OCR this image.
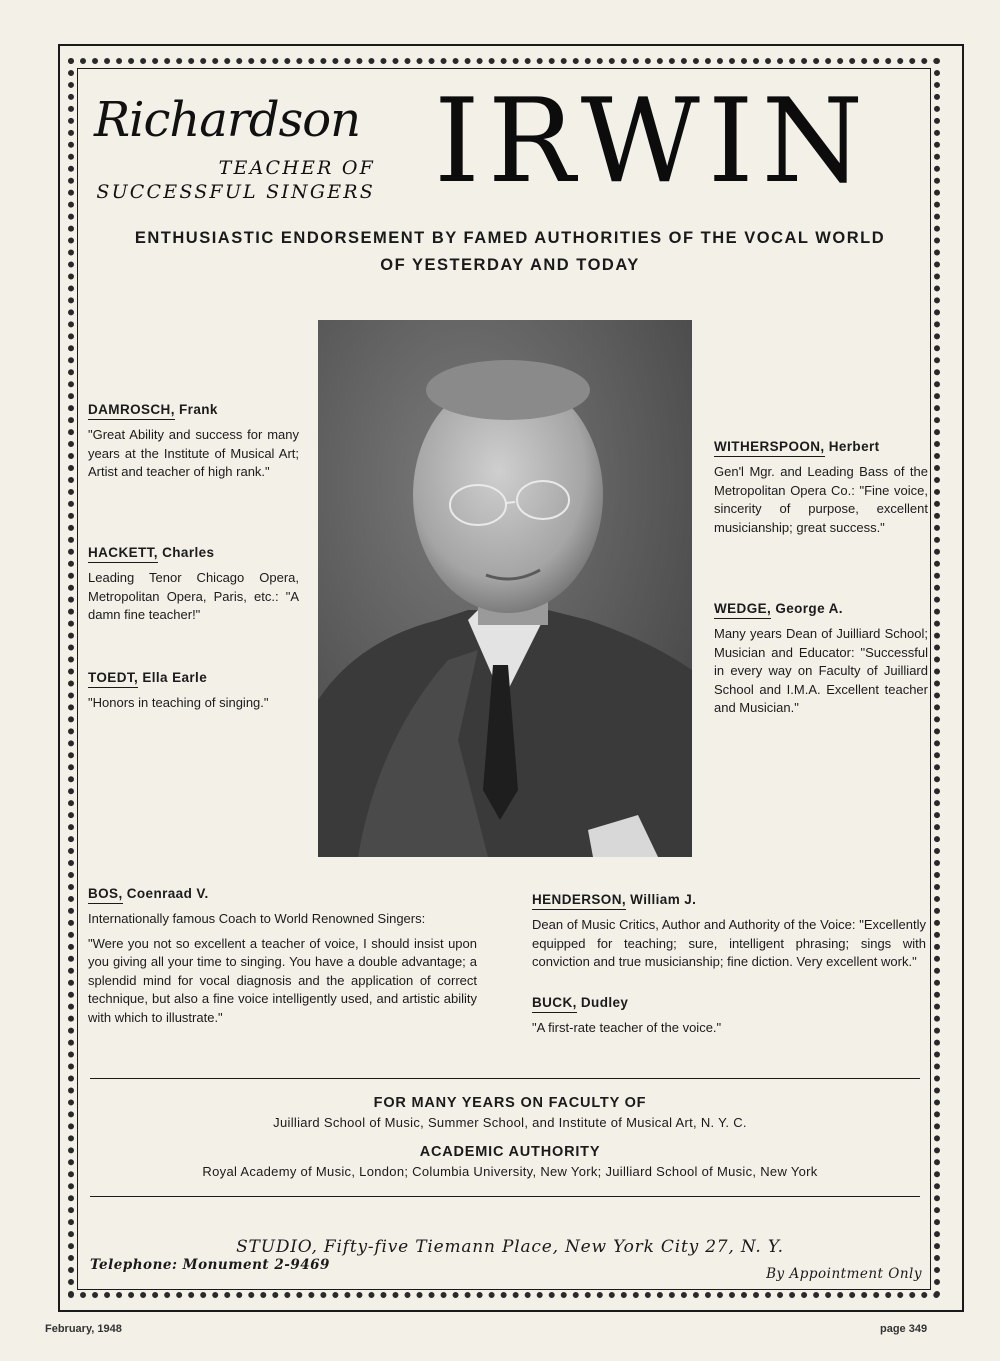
Richardson
TEACHER OF
SUCCESSFUL SINGERS IRWIN
ENTHUSIASTIC ENDORSEMENT BY FAMED AUTHORITIES OF THE VOCAL WORLD
OF YESTERDAY AND TODAY
DAMROSCH, Frank

"Great Ability and success for many years at the Institute of Musical Art; Artist and teacher of high rank."

HACKETT, Charles

Leading Tenor Chicago Opera, Metropolitan Opera, Paris, etc.: "A damn fine teacher!"

TOEDT, Ella Earle

"Honors in teaching of singing."

WITHERSPOON, Herbert

Gen'l Mgr. and Leading Bass of the Metropolitan Opera Co.: "Fine voice, sincerity of purpose, excellent musicianship; great success."

WEDGE, George A.

Many years Dean of Juilliard School; Musician and Educator: "Successful in every way on Faculty of Juilliard School and I.M.A. Excellent teacher and Musician."

BOS, Coenraad V.

Internationally famous Coach to World Renowned Singers:

"Were you not so excellent a teacher of voice, I should insist upon you giving all your time to singing. You have a double advantage; a splendid mind for vocal diagnosis and the application of correct technique, but also a fine voice intelligently used, and artistic ability with which to illustrate."

HENDERSON, William J.

Dean of Music Critics, Author and Authority of the Voice: "Excellently equipped for teaching; sure, intelligent phrasing; sings with conviction and true musicianship; fine diction. Very excellent work."

BUCK, Dudley

"A first-rate teacher of the voice."

FOR MANY YEARS ON FACULTY OF
Juilliard School of Music, Summer School, and Institute of Musical Art, N. Y. C.
ACADEMIC AUTHORITY
Royal Academy of Music, London; Columbia University, New York; Juilliard School of Music, New York
STUDIO, Fifty-five Tiemann Place, New York City 27, N. Y.
Telephone: Monument 2-9469
By Appointment Only
February, 1948	page 349
